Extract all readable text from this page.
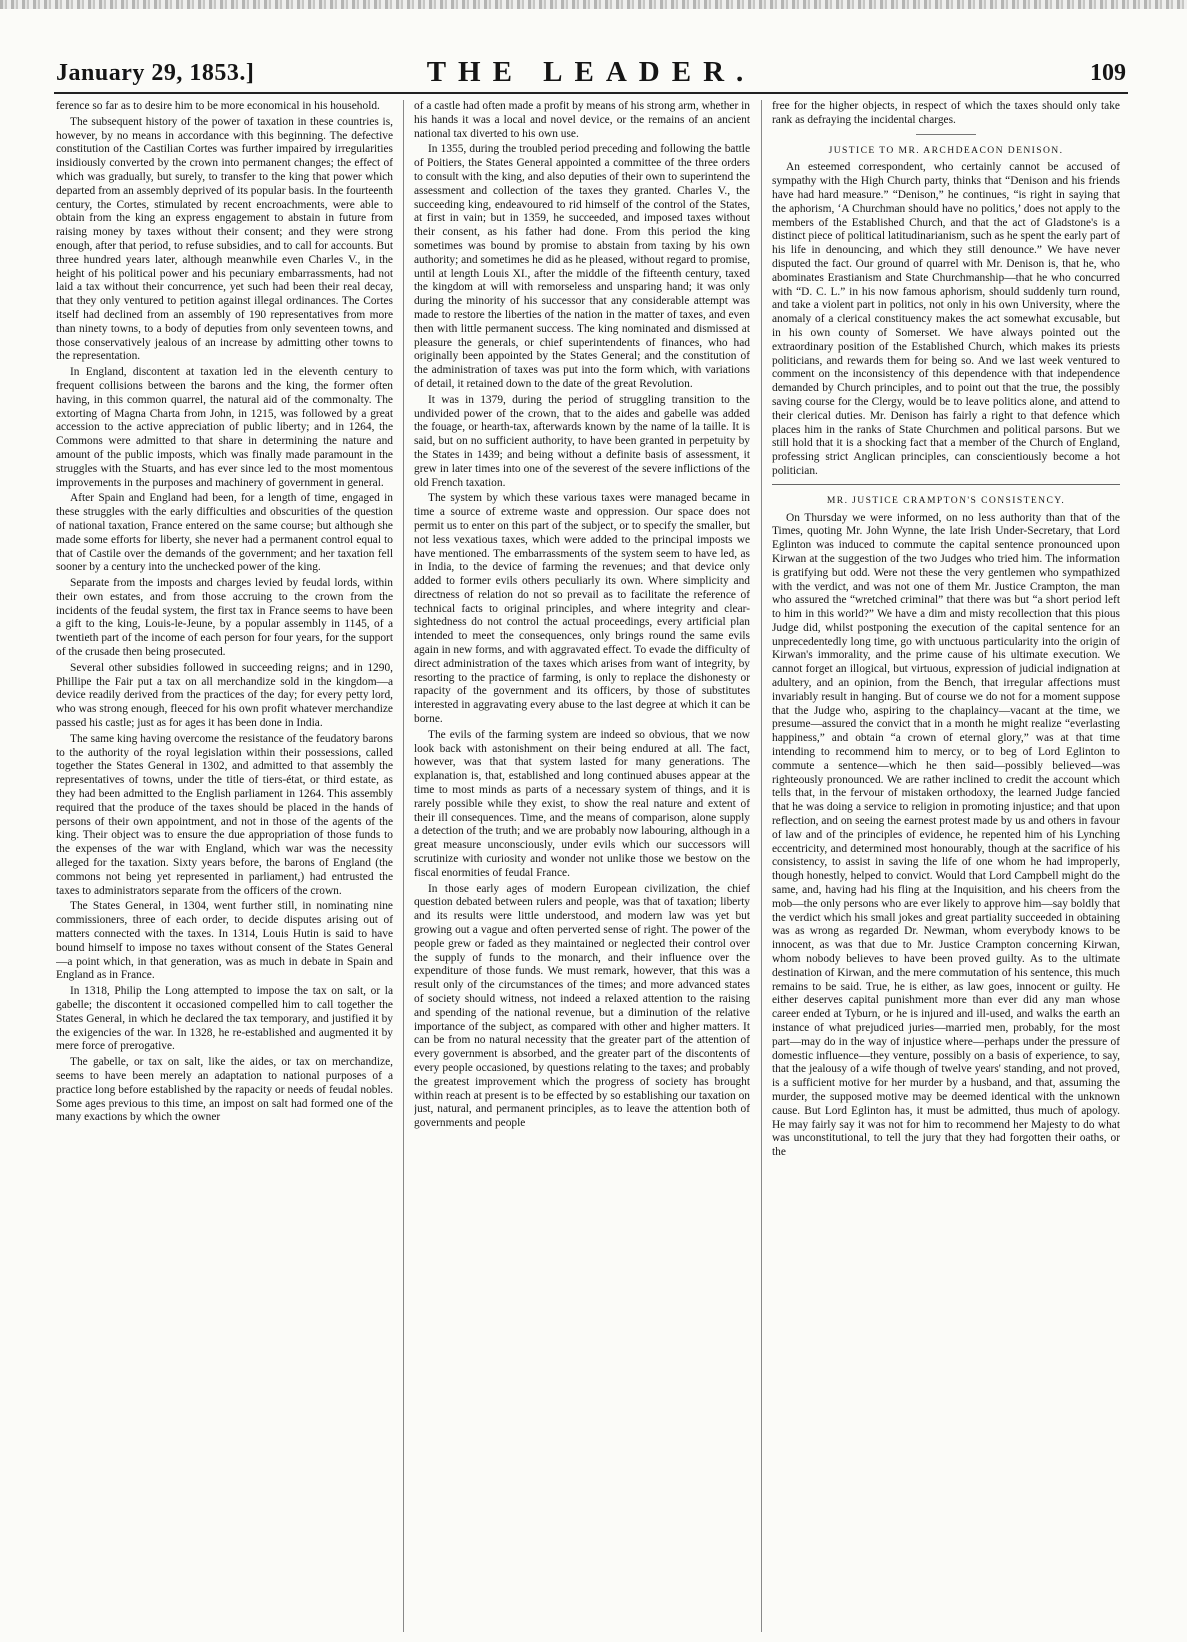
January 29, 1853.]	THE LEADER.	109

ference so far as to desire him to be more economical in his household.

The subsequent history of the power of taxation in these countries is, however, by no means in accordance with this beginning. The defective constitution of the Castilian Cortes was further impaired by irregularities insidiously converted by the crown into permanent changes; the effect of which was gradually, but surely, to transfer to the king that power which departed from an assembly deprived of its popular basis. In the fourteenth century, the Cortes, stimulated by recent encroachments, were able to obtain from the king an express engagement to abstain in future from raising money by taxes without their consent; and they were strong enough, after that period, to refuse subsidies, and to call for accounts. But three hundred years later, although meanwhile even Charles V., in the height of his political power and his pecuniary embarrassments, had not laid a tax without their concurrence, yet such had been their real decay, that they only ventured to petition against illegal ordinances. The Cortes itself had declined from an assembly of 190 representatives from more than ninety towns, to a body of deputies from only seventeen towns, and those conservatively jealous of an increase by admitting other towns to the representation.

In England, discontent at taxation led in the eleventh century to frequent collisions between the barons and the king, the former often having, in this common quarrel, the natural aid of the commonalty. The extorting of Magna Charta from John, in 1215, was followed by a great accession to the active appreciation of public liberty; and in 1264, the Commons were admitted to that share in determining the nature and amount of the public imposts, which was finally made paramount in the struggles with the Stuarts, and has ever since led to the most momentous improvements in the purposes and machinery of government in general.

After Spain and England had been, for a length of time, engaged in these struggles with the early difficulties and obscurities of the question of national taxation, France entered on the same course; but although she made some efforts for liberty, she never had a permanent control equal to that of Castile over the demands of the government; and her taxation fell sooner by a century into the unchecked power of the king.

Separate from the imposts and charges levied by feudal lords, within their own estates, and from those accruing to the crown from the incidents of the feudal system, the first tax in France seems to have been a gift to the king, Louis-le-Jeune, by a popular assembly in 1145, of a twentieth part of the income of each person for four years, for the support of the crusade then being prosecuted.

Several other subsidies followed in succeeding reigns; and in 1290, Phillipe the Fair put a tax on all merchandize sold in the kingdom—a device readily derived from the practices of the day; for every petty lord, who was strong enough, fleeced for his own profit whatever merchandize passed his castle; just as for ages it has been done in India.

The same king having overcome the resistance of the feudatory barons to the authority of the royal legislation within their possessions, called together the States General in 1302, and admitted to that assembly the representatives of towns, under the title of tiers-état, or third estate, as they had been admitted to the English parliament in 1264. This assembly required that the produce of the taxes should be placed in the hands of persons of their own appointment, and not in those of the agents of the king. Their object was to ensure the due appropriation of those funds to the expenses of the war with England, which war was the necessity alleged for the taxation. Sixty years before, the barons of England (the commons not being yet represented in parliament,) had entrusted the taxes to administrators separate from the officers of the crown.

The States General, in 1304, went further still, in nominating nine commissioners, three of each order, to decide disputes arising out of matters connected with the taxes. In 1314, Louis Hutin is said to have bound himself to impose no taxes without consent of the States General—a point which, in that generation, was as much in debate in Spain and England as in France.

In 1318, Philip the Long attempted to impose the tax on salt, or la gabelle; the discontent it occasioned compelled him to call together the States General, in which he declared the tax temporary, and justified it by the exigencies of the war. In 1328, he re-established and augmented it by mere force of prerogative.

The gabelle, or tax on salt, like the aides, or tax on merchandize, seems to have been merely an adaptation to national purposes of a practice long before established by the rapacity or needs of feudal nobles. Some ages previous to this time, an impost on salt had formed one of the many exactions by which the owner

of a castle had often made a profit by means of his strong arm, whether in his hands it was a local and novel device, or the remains of an ancient national tax diverted to his own use.

In 1355, during the troubled period preceding and following the battle of Poitiers, the States General appointed a committee of the three orders to consult with the king, and also deputies of their own to superintend the assessment and collection of the taxes they granted. Charles V., the succeeding king, endeavoured to rid himself of the control of the States, at first in vain; but in 1359, he succeeded, and imposed taxes without their consent, as his father had done. From this period the king sometimes was bound by promise to abstain from taxing by his own authority; and sometimes he did as he pleased, without regard to promise, until at length Louis XI., after the middle of the fifteenth century, taxed the kingdom at will with remorseless and unsparing hand; it was only during the minority of his successor that any considerable attempt was made to restore the liberties of the nation in the matter of taxes, and even then with little permanent success. The king nominated and dismissed at pleasure the generals, or chief superintendents of finances, who had originally been appointed by the States General; and the constitution of the administration of taxes was put into the form which, with variations of detail, it retained down to the date of the great Revolution.

It was in 1379, during the period of struggling transition to the undivided power of the crown, that to the aides and gabelle was added the fouage, or hearth-tax, afterwards known by the name of la taille. It is said, but on no sufficient authority, to have been granted in perpetuity by the States in 1439; and being without a definite basis of assessment, it grew in later times into one of the severest of the severe inflictions of the old French taxation.

The system by which these various taxes were managed became in time a source of extreme waste and oppression. Our space does not permit us to enter on this part of the subject, or to specify the smaller, but not less vexatious taxes, which were added to the principal imposts we have mentioned. The embarrassments of the system seem to have led, as in India, to the device of farming the revenues; and that device only added to former evils others peculiarly its own. Where simplicity and directness of relation do not so prevail as to facilitate the reference of technical facts to original principles, and where integrity and clear-sightedness do not control the actual proceedings, every artificial plan intended to meet the consequences, only brings round the same evils again in new forms, and with aggravated effect. To evade the difficulty of direct administration of the taxes which arises from want of integrity, by resorting to the practice of farming, is only to replace the dishonesty or rapacity of the government and its officers, by those of substitutes interested in aggravating every abuse to the last degree at which it can be borne.

The evils of the farming system are indeed so obvious, that we now look back with astonishment on their being endured at all. The fact, however, was that that system lasted for many generations. The explanation is, that, established and long continued abuses appear at the time to most minds as parts of a necessary system of things, and it is rarely possible while they exist, to show the real nature and extent of their ill consequences. Time, and the means of comparison, alone supply a detection of the truth; and we are probably now labouring, although in a great measure unconsciously, under evils which our successors will scrutinize with curiosity and wonder not unlike those we bestow on the fiscal enormities of feudal France.

In those early ages of modern European civilization, the chief question debated between rulers and people, was that of taxation; liberty and its results were little understood, and modern law was yet but growing out a vague and often perverted sense of right. The power of the people grew or faded as they maintained or neglected their control over the supply of funds to the monarch, and their influence over the expenditure of those funds. We must remark, however, that this was a result only of the circumstances of the times; and more advanced states of society should witness, not indeed a relaxed attention to the raising and spending of the national revenue, but a diminution of the relative importance of the subject, as compared with other and higher matters. It can be from no natural necessity that the greater part of the attention of every government is absorbed, and the greater part of the discontents of every people occasioned, by questions relating to the taxes; and probably the greatest improvement which the progress of society has brought within reach at present is to be effected by so establishing our taxation on just, natural, and permanent principles, as to leave the attention both of governments and people

free for the higher objects, in respect of which the taxes should only take rank as defraying the incidental charges.

JUSTICE TO MR. ARCHDEACON DENISON.

An esteemed correspondent, who certainly cannot be accused of sympathy with the High Church party, thinks that “Denison and his friends have had hard measure.” “Denison,” he continues, “is right in saying that the aphorism, ‘A Churchman should have no politics,’ does not apply to the members of the Established Church, and that the act of Gladstone's is a distinct piece of political latitudinarianism, such as he spent the early part of his life in denouncing, and which they still denounce.” We have never disputed the fact. Our ground of quarrel with Mr. Denison is, that he, who abominates Erastianism and State Churchmanship—that he who concurred with “D. C. L.” in his now famous aphorism, should suddenly turn round, and take a violent part in politics, not only in his own University, where the anomaly of a clerical constituency makes the act somewhat excusable, but in his own county of Somerset. We have always pointed out the extraordinary position of the Established Church, which makes its priests politicians, and rewards them for being so. And we last week ventured to comment on the inconsistency of this dependence with that independence demanded by Church principles, and to point out that the true, the possibly saving course for the Clergy, would be to leave politics alone, and attend to their clerical duties. Mr. Denison has fairly a right to that defence which places him in the ranks of State Churchmen and political parsons. But we still hold that it is a shocking fact that a member of the Church of England, professing strict Anglican principles, can conscientiously become a hot politician.

MR. JUSTICE CRAMPTON'S CONSISTENCY.

On Thursday we were informed, on no less authority than that of the Times, quoting Mr. John Wynne, the late Irish Under-Secretary, that Lord Eglinton was induced to commute the capital sentence pronounced upon Kirwan at the suggestion of the two Judges who tried him. The information is gratifying but odd. Were not these the very gentlemen who sympathized with the verdict, and was not one of them Mr. Justice Crampton, the man who assured the “wretched criminal” that there was but “a short period left to him in this world?” We have a dim and misty recollection that this pious Judge did, whilst postponing the execution of the capital sentence for an unprecedentedly long time, go with unctuous particularity into the origin of Kirwan's immorality, and the prime cause of his ultimate execution. We cannot forget an illogical, but virtuous, expression of judicial indignation at adultery, and an opinion, from the Bench, that irregular affections must invariably result in hanging. But of course we do not for a moment suppose that the Judge who, aspiring to the chaplaincy—vacant at the time, we presume—assured the convict that in a month he might realize “everlasting happiness,” and obtain “a crown of eternal glory,” was at that time intending to recommend him to mercy, or to beg of Lord Eglinton to commute a sentence—which he then said—possibly believed—was righteously pronounced. We are rather inclined to credit the account which tells that, in the fervour of mistaken orthodoxy, the learned Judge fancied that he was doing a service to religion in promoting injustice; and that upon reflection, and on seeing the earnest protest made by us and others in favour of law and of the principles of evidence, he repented him of his Lynching eccentricity, and determined most honourably, though at the sacrifice of his consistency, to assist in saving the life of one whom he had improperly, though honestly, helped to convict. Would that Lord Campbell might do the same, and, having had his fling at the Inquisition, and his cheers from the mob—the only persons who are ever likely to approve him—say boldly that the verdict which his small jokes and great partiality succeeded in obtaining was as wrong as regarded Dr. Newman, whom everybody knows to be innocent, as was that due to Mr. Justice Crampton concerning Kirwan, whom nobody believes to have been proved guilty. As to the ultimate destination of Kirwan, and the mere commutation of his sentence, this much remains to be said. True, he is either, as law goes, innocent or guilty. He either deserves capital punishment more than ever did any man whose career ended at Tyburn, or he is injured and ill-used, and walks the earth an instance of what prejudiced juries—married men, probably, for the most part—may do in the way of injustice where—perhaps under the pressure of domestic influence—they venture, possibly on a basis of experience, to say, that the jealousy of a wife though of twelve years' standing, and not proved, is a sufficient motive for her murder by a husband, and that, assuming the murder, the supposed motive may be deemed identical with the unknown cause. But Lord Eglinton has, it must be admitted, thus much of apology. He may fairly say it was not for him to recommend her Majesty to do what was unconstitutional, to tell the jury that they had forgotten their oaths, or the
